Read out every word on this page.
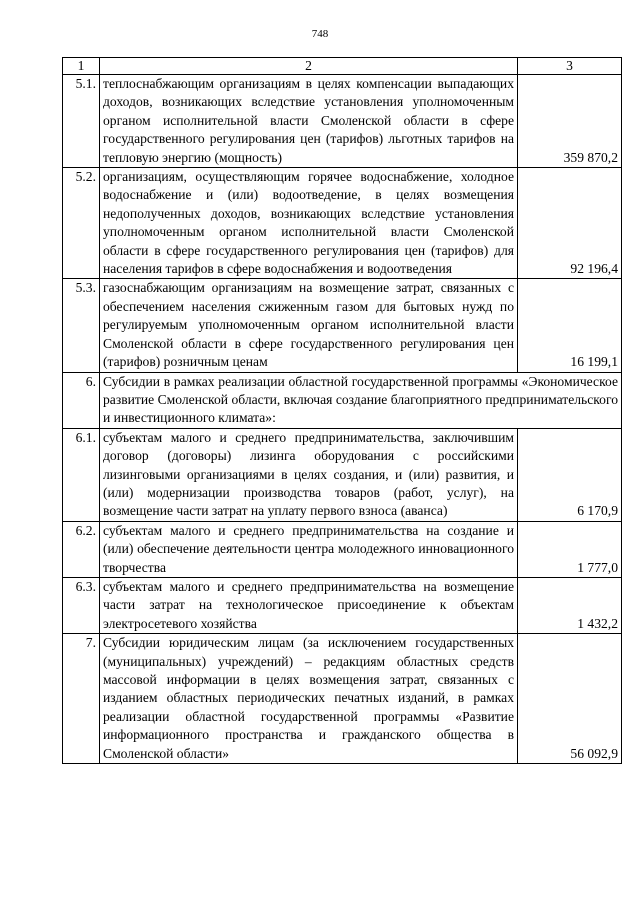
748
1	2	3
5.1.	теплоснабжающим организациям в целях компенсации выпадающих доходов, возникающих вследствие установления уполномоченным органом исполнительной власти Смоленской области в сфере государственного регулирования цен (тарифов) льготных тарифов на тепловую энергию (мощность)	359 870,2
5.2.	организациям, осуществляющим горячее водоснабжение, холодное водоснабжение и (или) водоотведение, в целях возмещения недополученных доходов, возникающих вследствие установления уполномоченным органом исполнительной власти Смоленской области в сфере государственного регулирования цен (тарифов) для населения тарифов в сфере водоснабжения и водоотведения	92 196,4
5.3.	газоснабжающим организациям на возмещение затрат, связанных с обеспечением населения сжиженным газом для бытовых нужд по регулируемым уполномоченным органом исполнительной власти Смоленской области в сфере государственного регулирования цен (тарифов) розничным ценам	16 199,1
6.	Субсидии в рамках реализации областной государственной программы «Экономическое развитие Смоленской области, включая создание благоприятного предпринимательского и инвестиционного климата»:	
6.1.	субъектам малого и среднего предпринимательства, заключившим договор (договоры) лизинга оборудования с российскими лизинговыми организациями в целях создания, и (или) развития, и (или) модернизации производства товаров (работ, услуг), на возмещение части затрат на уплату первого взноса (аванса)	6 170,9
6.2.	субъектам малого и среднего предпринимательства на создание и (или) обеспечение деятельности центра молодежного инновационного творчества	1 777,0
6.3.	субъектам малого и среднего предпринимательства на возмещение части затрат на технологическое присоединение к объектам электросетевого хозяйства	1 432,2
7.	Субсидии юридическим лицам (за исключением государственных (муниципальных) учреждений) – редакциям областных средств массовой информации в целях возмещения затрат, связанных с изданием областных периодических печатных изданий, в рамках реализации областной государственной программы «Развитие информационного пространства и гражданского общества в Смоленской области»	56 092,9
